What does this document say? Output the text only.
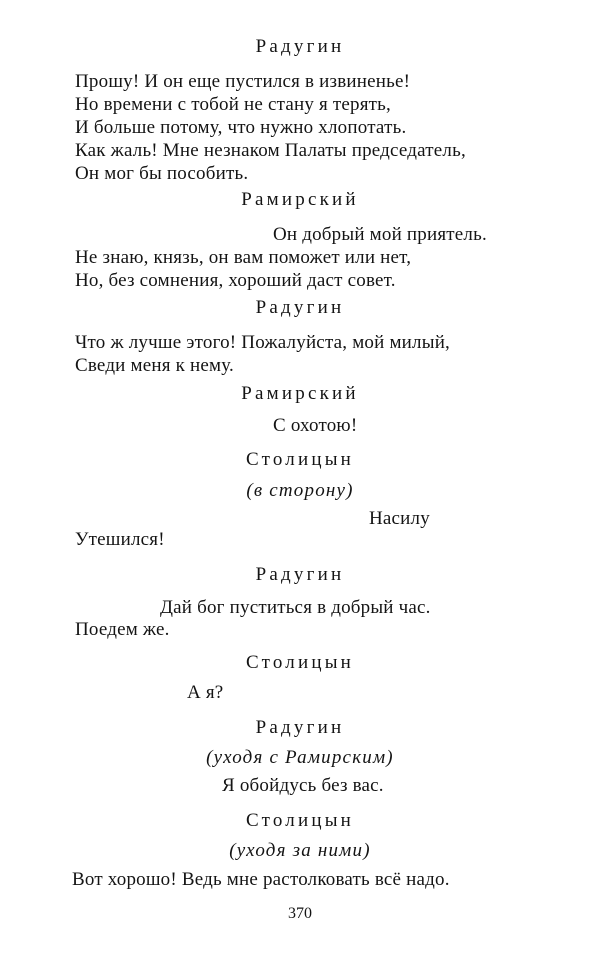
Радугин
Прошу! И он еще пустился в извиненье!
Но времени с тобой не стану я терять,
И больше потому, что нужно хлопотать.
Как жаль! Мне незнаком Палаты председатель,
Он мог бы пособить.
Рамирский
Он добрый мой приятель.
Не знаю, князь, он вам поможет или нет,
Но, без сомнения, хороший даст совет.
Радугин
Что ж лучше этого! Пожалуйста, мой милый,
Сведи меня к нему.
Рамирский
С охотою!
Столицын
(в сторону)
Насилу
Утешился!
Радугин
Дай бог пуститься в добрый час.
Поедем же.
Столицын
А я?
Радугин
(уходя с Рамирским)
Я обойдусь без вас.
Столицын
(уходя за ними)
Вот хорошо! Ведь мне растолковать всё надо.
370
